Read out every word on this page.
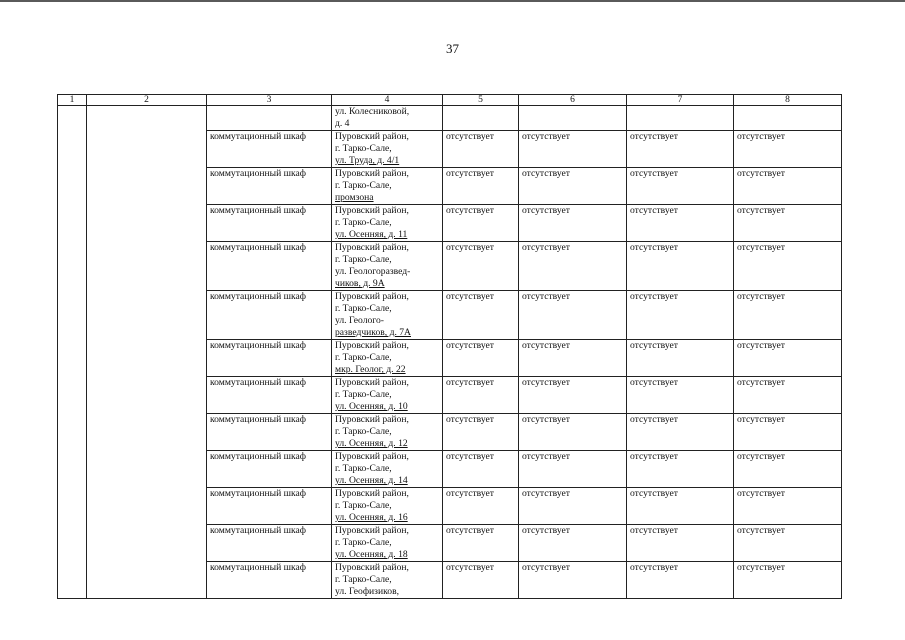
37
1	2	3	4	5	6	7	8

			ул. Колесниковой,
д. 4				

		коммутационный шкаф	Пуровский район,
г. Тарко-Сале,
ул. Труда, д. 4/1	отсутствует	отсутствует	отсутствует	отсутствует
		коммутационный шкаф	Пуровский район,
г. Тарко-Сале,
промзона	отсутствует	отсутствует	отсутствует	отсутствует
		коммутационный шкаф	Пуровский район,
г. Тарко-Сале,
ул. Осенняя, д. 11	отсутствует	отсутствует	отсутствует	отсутствует
		коммутационный шкаф	Пуровский район,
г. Тарко-Сале,
ул. Геологоразвед-
чиков, д. 9А	отсутствует	отсутствует	отсутствует	отсутствует
		коммутационный шкаф	Пуровский район,
г. Тарко-Сале,
ул. Геолого-
разведчиков, д. 7А	отсутствует	отсутствует	отсутствует	отсутствует
		коммутационный шкаф	Пуровский район,
г. Тарко-Сале,
мкр. Геолог, д. 22	отсутствует	отсутствует	отсутствует	отсутствует
		коммутационный шкаф	Пуровский район,
г. Тарко-Сале,
ул. Осенняя, д. 10	отсутствует	отсутствует	отсутствует	отсутствует
		коммутационный шкаф	Пуровский район,
г. Тарко-Сале,
ул. Осенняя, д. 12	отсутствует	отсутствует	отсутствует	отсутствует
		коммутационный шкаф	Пуровский район,
г. Тарко-Сале,
ул. Осенняя, д. 14	отсутствует	отсутствует	отсутствует	отсутствует
		коммутационный шкаф	Пуровский район,
г. Тарко-Сале,
ул. Осенняя, д. 16	отсутствует	отсутствует	отсутствует	отсутствует
		коммутационный шкаф	Пуровский район,
г. Тарко-Сале,
ул. Осенняя, д. 18	отсутствует	отсутствует	отсутствует	отсутствует
		коммутационный шкаф	Пуровский район,
г. Тарко-Сале,
ул. Геофизиков,	отсутствует	отсутствует	отсутствует	отсутствует
